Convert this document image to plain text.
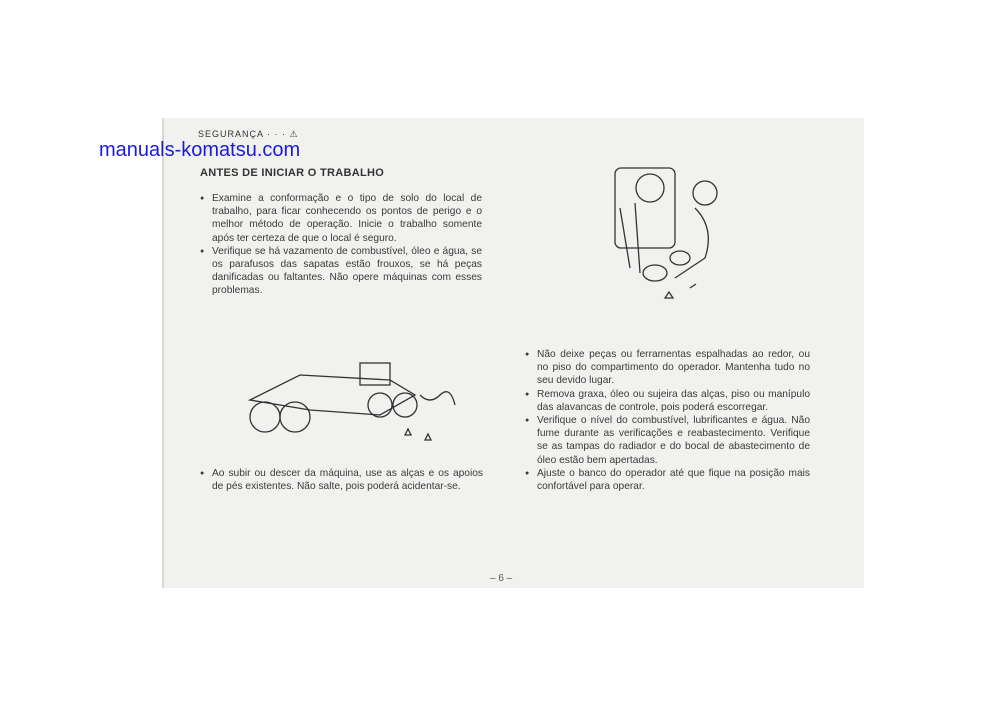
manuals-komatsu.com
SEGURANÇA · · · ⚠
ANTES DE INICIAR O TRABALHO
● Examine a conformação e o tipo de solo do local de trabalho, para ficar conhecendo os pontos de perigo e o melhor método de operação. Inicie o trabalho somente após ter certeza de que o local é seguro.
● Verifique se há vazamento de combustível, óleo e água, se os parafusos das sapatas estão frouxos, se há peças danificadas ou faltantes. Não opere máquinas com esses problemas.
● Não deixe peças ou ferramentas espalhadas ao redor, ou no piso do compartimento do operador. Mantenha tudo no seu devido lugar.
● Remova graxa, óleo ou sujeira das alças, piso ou manípulo das alavancas de controle, pois poderá escorregar.
● Verifique o nível do combustível, lubrificantes e água. Não fume durante as verificações e reabastecimento. Verifique se as tampas do radiador e do bocal de abastecimento de óleo estão bem apertadas.
● Ajuste o banco do operador até que fique na posição mais confortável para operar.
● Ao subir ou descer da máquina, use as alças e os apoios de pés existentes. Não salte, pois poderá acidentar-se.
– 6 –
